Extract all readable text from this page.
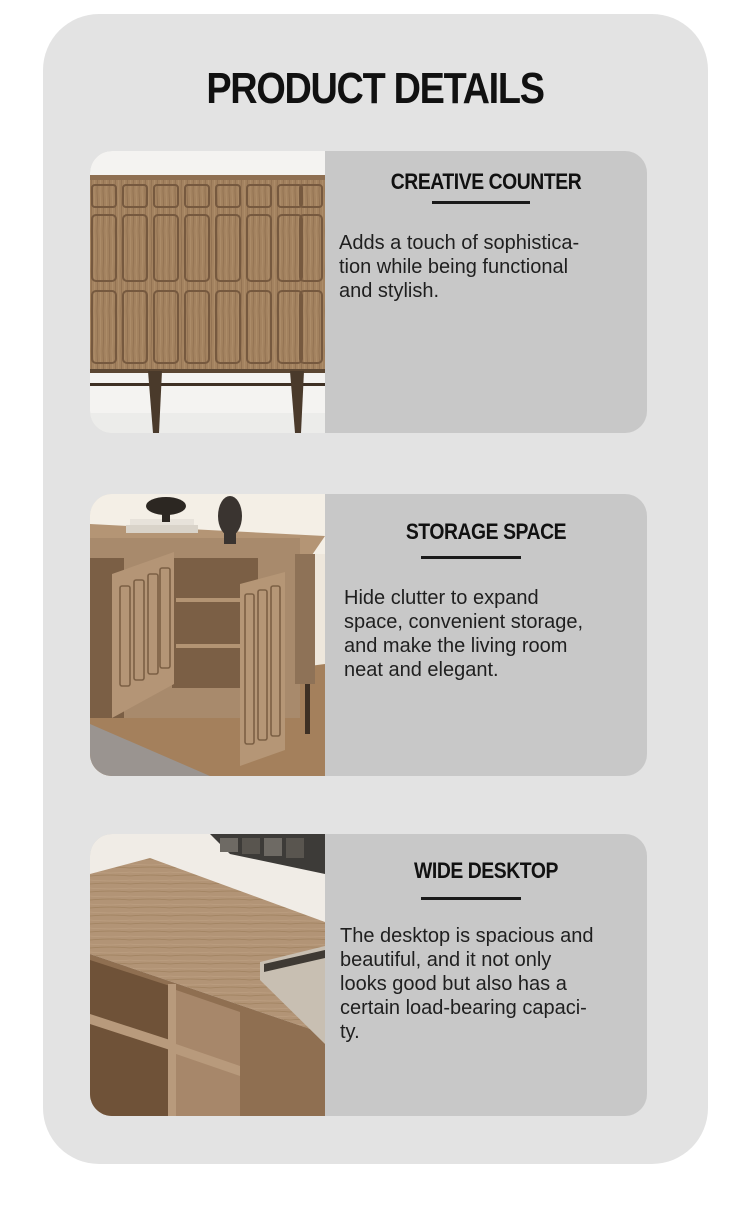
PRODUCT DETAILS
CREATIVE COUNTER
Adds a touch of sophistica-
tion while being functional
and stylish.
STORAGE SPACE
Hide clutter to expand
space, convenient storage,
and make the living room
neat and elegant.
WIDE DESKTOP
The desktop is spacious and
beautiful, and it not only
looks good but also has a
certain load-bearing capaci-
ty.
